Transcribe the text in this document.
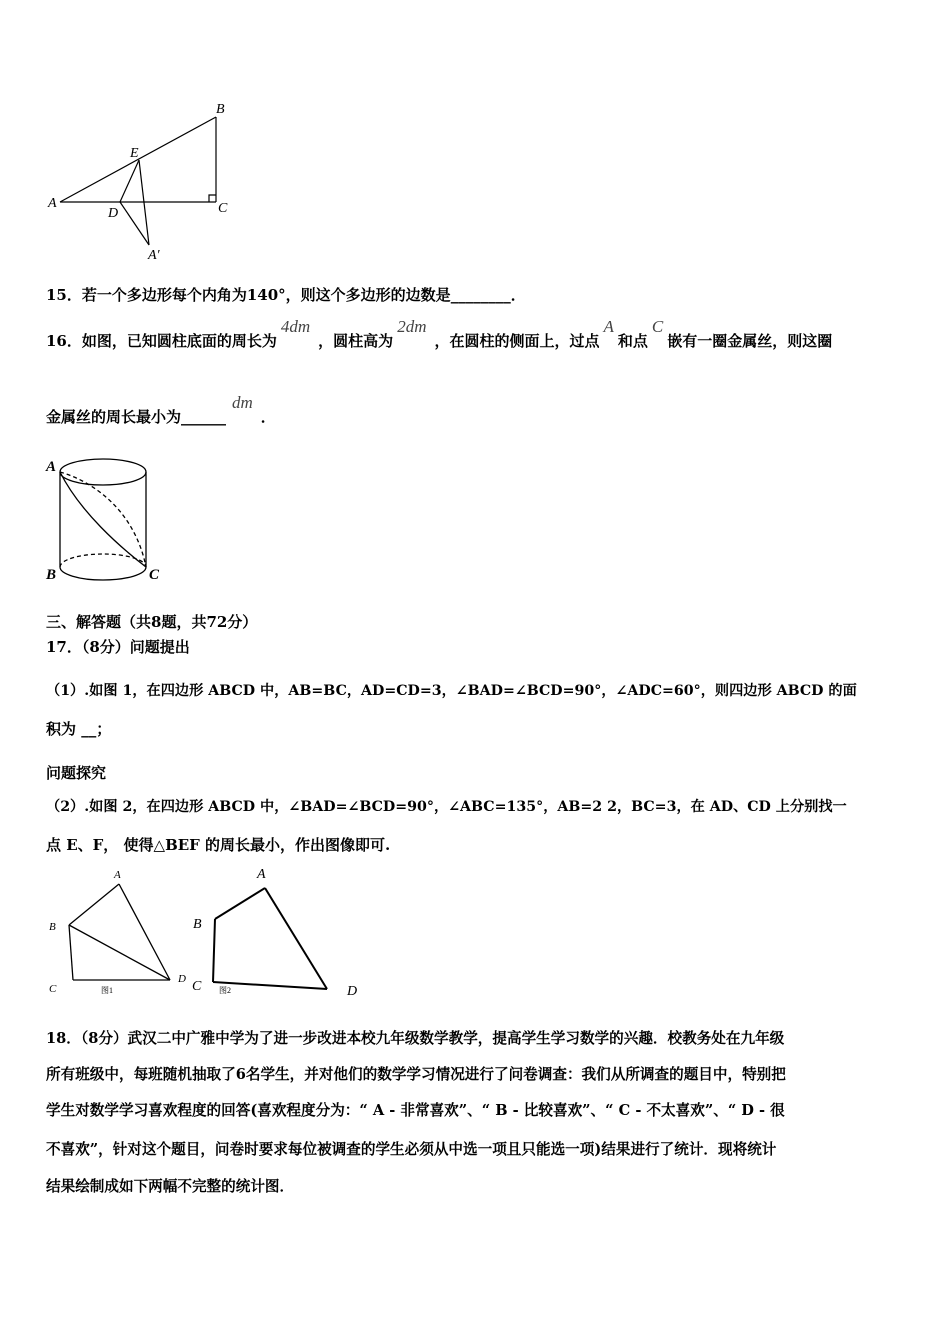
A
B
C
D
E
A′
15．若一个多边形每个内角为140°，则这个多边形的边数是________．
16．如图，已知圆柱底面的周长为4dm，圆柱高为2dm，在圆柱的侧面上，过点A和点C嵌有一圈金属丝，则这圈
金属丝的周长最小为______dm．
A
B	C
三、解答题（共8题，共72分）
17．（8分）问题提出
（1）.如图 1，在四边形 ABCD 中，AB=BC，AD=CD=3，∠BAD=∠BCD=90°，∠ADC=60°，则四边形 ABCD 的面
积为 __；
问题探究
（2）.如图 2，在四边形 ABCD 中，∠BAD=∠BCD=90°，∠ABC=135°，AB=2 2，BC=3，在 AD、CD 上分别找一
点 E、F， 使得△BEF 的周长最小，作出图像即可.
A
B
C
D
图1
A
B
C	D
图2
18．（8分）武汉二中广雅中学为了进一步改进本校九年级数学教学，提高学生学习数学的兴趣．校教务处在九年级
所有班级中，每班随机抽取了6名学生，并对他们的数学学习情况进行了问卷调查：我们从所调查的题目中，特别把
学生对数学学习喜欢程度的回答(喜欢程度分为：“ A - 非常喜欢”、“ B - 比较喜欢”、“ C - 不太喜欢”、“ D - 很
不喜欢”，针对这个题目，问卷时要求每位被调查的学生必须从中选一项且只能选一项)结果进行了统计．现将统计
结果绘制成如下两幅不完整的统计图．
